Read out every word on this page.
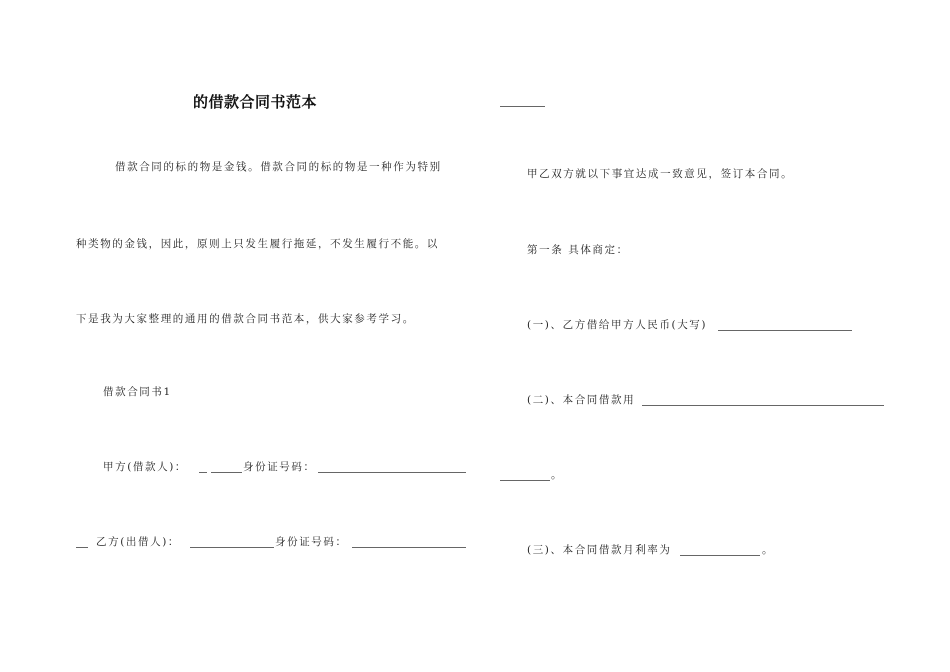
的借款合同书范本
借款合同的标的物是金钱。借款合同的标的物是一种作为特别
种类物的金钱，因此，原则上只发生履行拖延，不发生履行不能。以
下是我为大家整理的通用的借款合同书范本，供大家参考学习。
借款合同书1
甲方(借款人)：	身份证号码：
乙方(出借人)：	身份证号码：
甲乙双方就以下事宜达成一致意见，签订本合同。
第一条 具体商定：
(一)、乙方借给甲方人民币(大写)
(二)、本合同借款用
。
(三)、本合同借款月利率为	。
